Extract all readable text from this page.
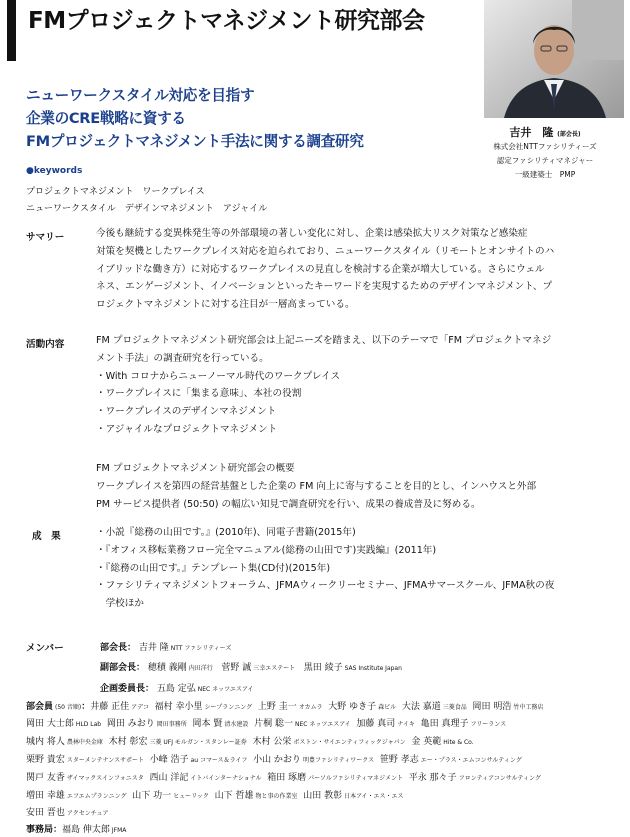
FMプロジェクトマネジメント研究部会
ニューワークスタイル対応を目指す
企業のCRE戦略に資する
FMプロジェクトマネジメント手法に関する調査研究
吉井　隆 (部会長)
株式会社NTTファシリティーズ
認定ファシリティマネジャー
一級建築士　PMP
●keywords
プロジェクトマネジメント　ワークプレイス
ニューワークスタイル　デザインマネジメント　アジャイル
サマリー	今後も継続する変異株発生等の外部環境の著しい変化に対し、企業は感染拡大リスク対策など感染症
対策を契機としたワークプレイス対応を迫られており、ニューワークスタイル（リモートとオンサイトのハ
イブリッドな働き方）に対応するワークプレイスの見直しを検討する企業が増大している。さらにウェル
ネス、エンゲージメント、イノベーションといったキーワードを実現するためのデザインマネジメント、プ
ロジェクトマネジメントに対する注目が一層高まっている。
活動内容	FM プロジェクトマネジメント研究部会は上記ニーズを踏まえ、以下のテーマで「FM プロジェクトマネジ
メント手法」の調査研究を行っている。
・With コロナからニューノーマル時代のワークプレイス
・ワークプレイスに「集まる意味」、本社の役割
・ワークプレイスのデザインマネジメント
・アジャイルなプロジェクトマネジメント
FM プロジェクトマネジメント研究部会の概要
ワークプレイスを第四の経営基盤とした企業の FM 向上に寄与することを目的とし、インハウスと外部
PM サービス提供者 (50:50) の幅広い知見で調査研究を行い、成果の養成普及に努める。
成　果	・小説『総務の山田です。』(2010年)、同電子書籍(2015年)
・『オフィス移転業務フロー完全マニュアル(総務の山田です)実践編』(2011年)
・『総務の山田です。』テンプレート集(CD付)(2015年)
・ファシリティマネジメントフォーラム、JFMAウィークリーセミナー、JFMAサマースクール、JFMA秋の夜
　学校ほか
メンバー	部会長： 吉井 隆 NTT ファシリティーズ
副部会長： 穂積 義剛 内田洋行 菅野 誠 三幸エステート 黒田 綾子 SAS Institute Japan
企画委員長： 五島 定弘 NEC ネッツエスアイ
部会員 (50 音順)：井藤 正佳 アデコ 福村 幸小里 シープランニング 上野 圭一 オカムラ 大野 ゆき子 森ビル 大法 嘉道 三菱食品 岡田 明浩 竹中工務店
岡田 大士郎 HLD Lab 岡田 みおり 岡田事務所 岡本 賢 清水建設 片桐 聡一 NEC ネッツエスアイ 加藤 真司 ナイキ 亀田 真理子 フリーランス
城内 将人 農林中央金庫 木村 彰宏 三菱 UFJ モルガン・スタンレー証券 木村 公栄 ボストン・サイエンティフィックジャパン 金 英範 Hite & Co.
栗野 貴宏 スターメンテナンスサポート 小峰 浩子 au コマース＆ライフ 小山 かおり 明豊ファシリティワークス 笹野 孝志 エー・プラス・エムコンサルティング
関戸 友香 ザイマックスインフォニスタ 西山 洋記 イトバインターナショナル 箱田 琢磨 パーソルファシリティマネジメント 平永 那々子 フロンティアコンサルティング
増田 幸雄 エフエムプランニング 山下 功一 ヒューリック 山下 哲雄 物と事の作業室 山田 教彰 日本アイ・エス・エス
安田 晋也 アクセンチュア
事務局：福島 伸太郎 JFMA
